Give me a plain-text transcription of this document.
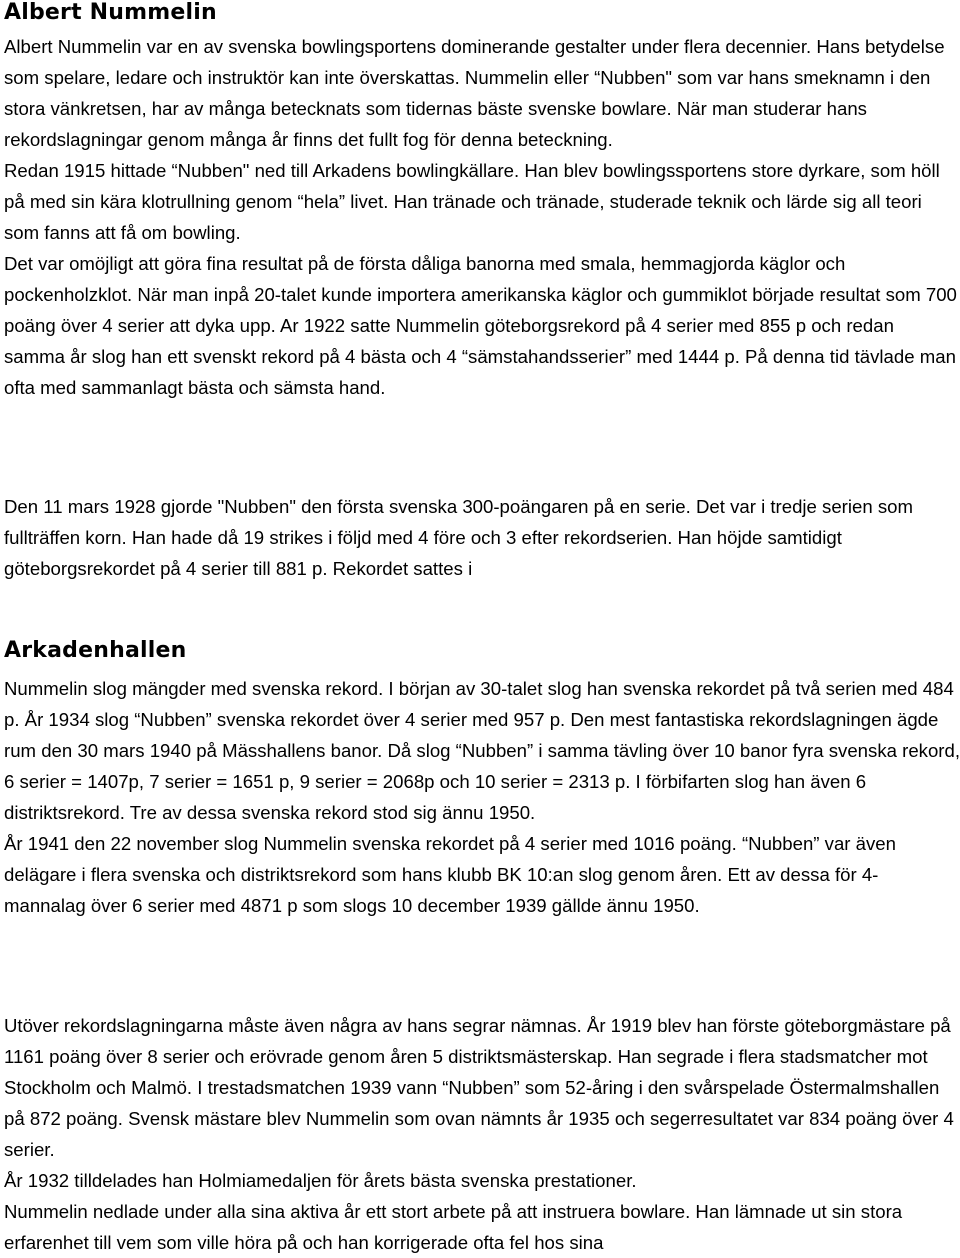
Albert Nummelin

Albert Nummelin var en av svenska bowlingsportens dominerande gestalter under flera decennier. Hans betydelse som spelare, ledare och instruktör kan inte överskattas. Nummelin eller “Nubben" som var hans smeknamn i den stora vänkretsen, har av många betecknats som tidernas bäste svenske bowlare. När man studerar hans rekordslagningar genom många år finns det fullt fog för denna beteckning.

Redan 1915 hittade “Nubben" ned till Arkadens bowlingkällare. Han blev bowlingssportens store dyrkare, som höll på med sin kära klotrullning genom “hela” livet. Han tränade och tränade, studerade teknik och lärde sig all teori som fanns att få om bowling.

Det var omöjligt att göra fina resultat på de första dåliga banorna med smala, hemmagjorda käglor och pockenholzklot. När man inpå 20-talet kunde importera amerikanska käglor och gummiklot började resultat som 700 poäng över 4 serier att dyka upp. Ar 1922 satte Nummelin göteborgsrekord på 4 serier med 855 p och redan samma år slog han ett svenskt rekord på 4 bästa och 4 “sämstahandsserier” med 1444 p. På denna tid tävlade man ofta med sammanlagt bästa och sämsta hand.

Den 11 mars 1928 gjorde "Nubben" den första svenska 300-poängaren på en serie. Det var i tredje serien som fullträffen korn. Han hade då 19 strikes i följd med 4 före och 3 efter rekordserien. Han höjde samtidigt göteborgsrekordet på 4 serier till 881 p. Rekordet sattes i

Arkadenhallen

Nummelin slog mängder med svenska rekord. I början av 30-talet slog han svenska rekordet på två serien med 484 p. År 1934 slog “Nubben” svenska rekordet över 4 serier med 957 p. Den mest fantastiska rekordslagningen ägde rum den 30 mars 1940 på Mässhallens banor. Då slog “Nubben” i samma tävling över 10 banor fyra svenska rekord, 6 serier = 1407p, 7 serier = 1651 p, 9 serier = 2068p och 10 serier = 2313 p. I förbifarten slog han även 6 distriktsrekord. Tre av dessa svenska rekord stod sig ännu 1950.

År 1941 den 22 november slog Nummelin svenska rekordet på 4 serier med 1016 poäng. “Nubben” var även delägare i flera svenska och distriktsrekord som hans klubb BK 10:an slog genom åren. Ett av dessa för 4-mannalag över 6 serier med 4871 p som slogs 10 december 1939 gällde ännu 1950.

Utöver rekordslagningarna måste även några av hans segrar nämnas. År 1919 blev han förste göteborgmästare på 1161 poäng över 8 serier och erövrade genom åren 5 distriktsmästerskap. Han segrade i flera stadsmatcher mot Stockholm och Malmö. I trestadsmatchen 1939 vann “Nubben” som 52-åring i den svårspelade Östermalmshallen på 872 poäng. Svensk mästare blev Nummelin som ovan nämnts år 1935 och segerresultatet var 834 poäng över 4 serier.

År 1932 tilldelades han Holmiamedaljen för årets bästa svenska prestationer.

Nummelin nedlade under alla sina aktiva år ett stort arbete på att instruera bowlare. Han lämnade ut sin stora erfarenhet till vem som ville höra på och han korrigerade ofta fel hos sina
